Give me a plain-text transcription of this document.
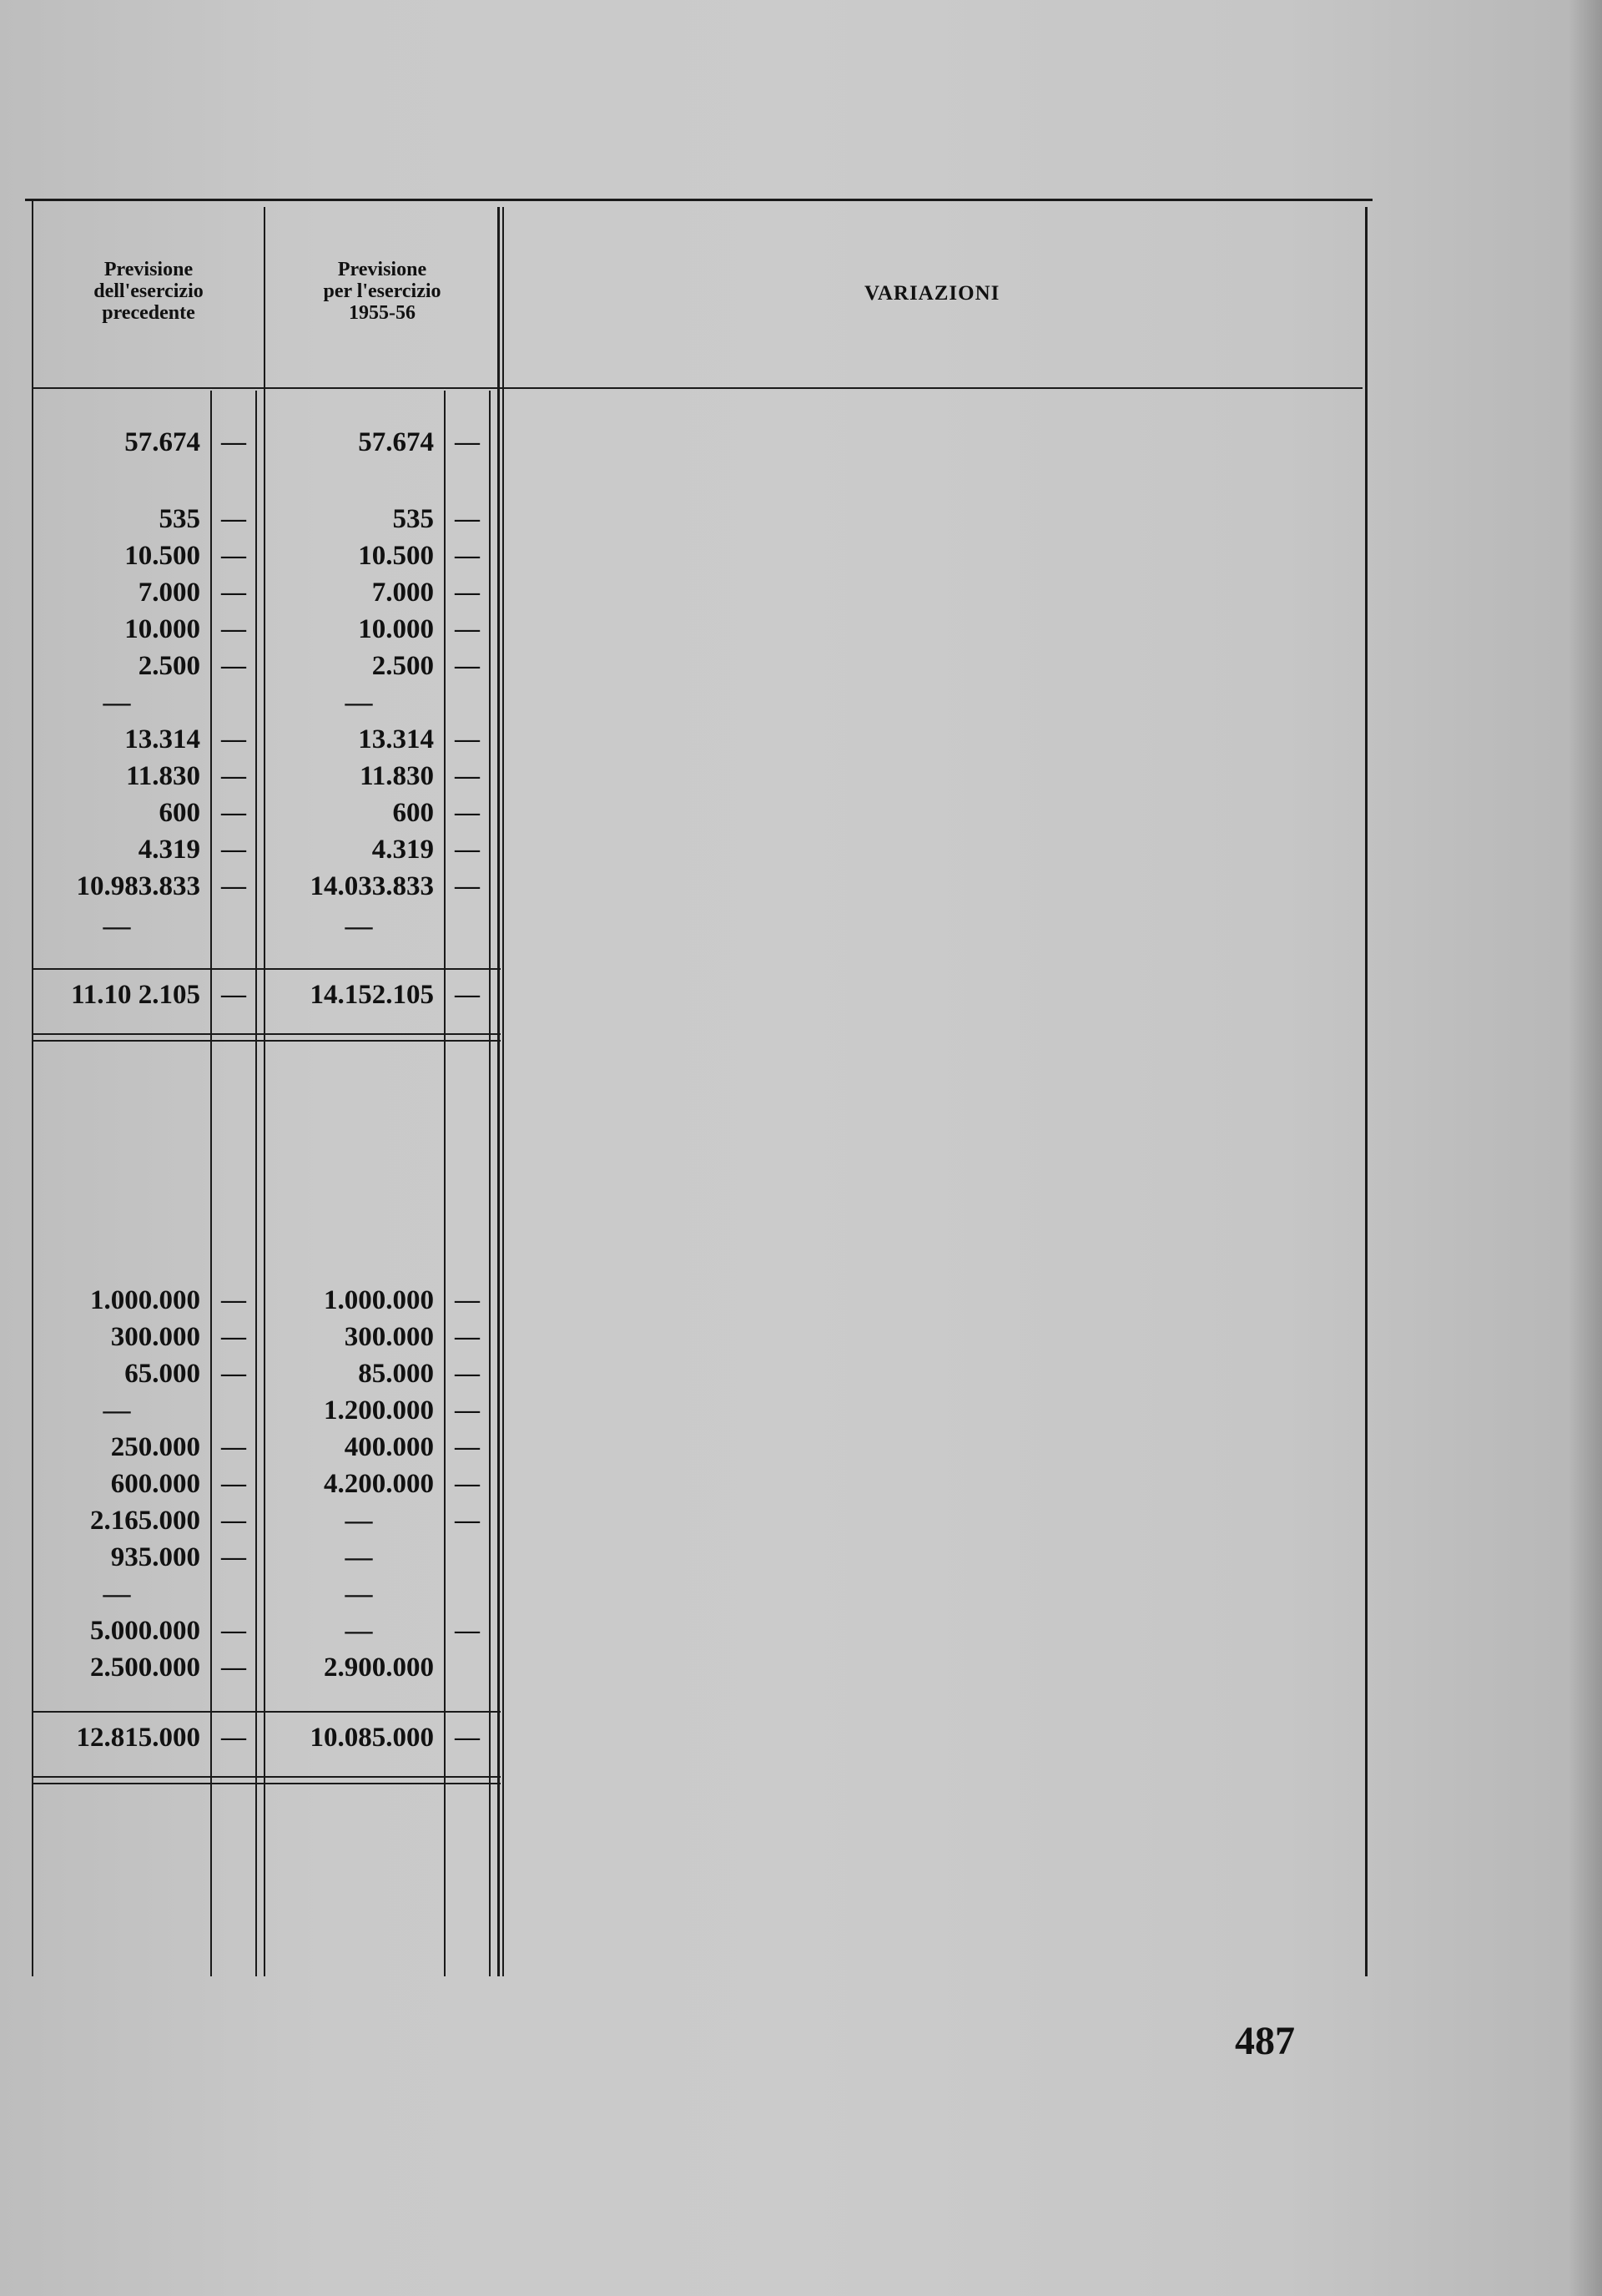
Previsione
dell'esercizio
precedente
Previsione
per l'esercizio
1955-56
VARIAZIONI
57.674 —	57.674 —
535 —	535 —
10.500 —	10.500 —
7.000 —	7.000 —
10.000 —	10.000 —
2.500 —	2.500 —
—	—
13.314 —	13.314 —
11.830 —	11.830 —
600 —	600 —
4.319 —	4.319 —
10.983.833 —	14.033.833 —
—	—
11.10 2.105 —	14.152.105 —
1.000.000 —	1.000.000 —
300.000 —	300.000 —
65.000 —	85.000 —
—	1.200.000 —
250.000 —	400.000 —
600.000 —	4.200.000 —
2.165.000 —	—	—
935.000 —	—
—	—
5.000.000 —	—	—
2.500.000 —	2.900.000
12.815.000 —	10.085.000 —
487
